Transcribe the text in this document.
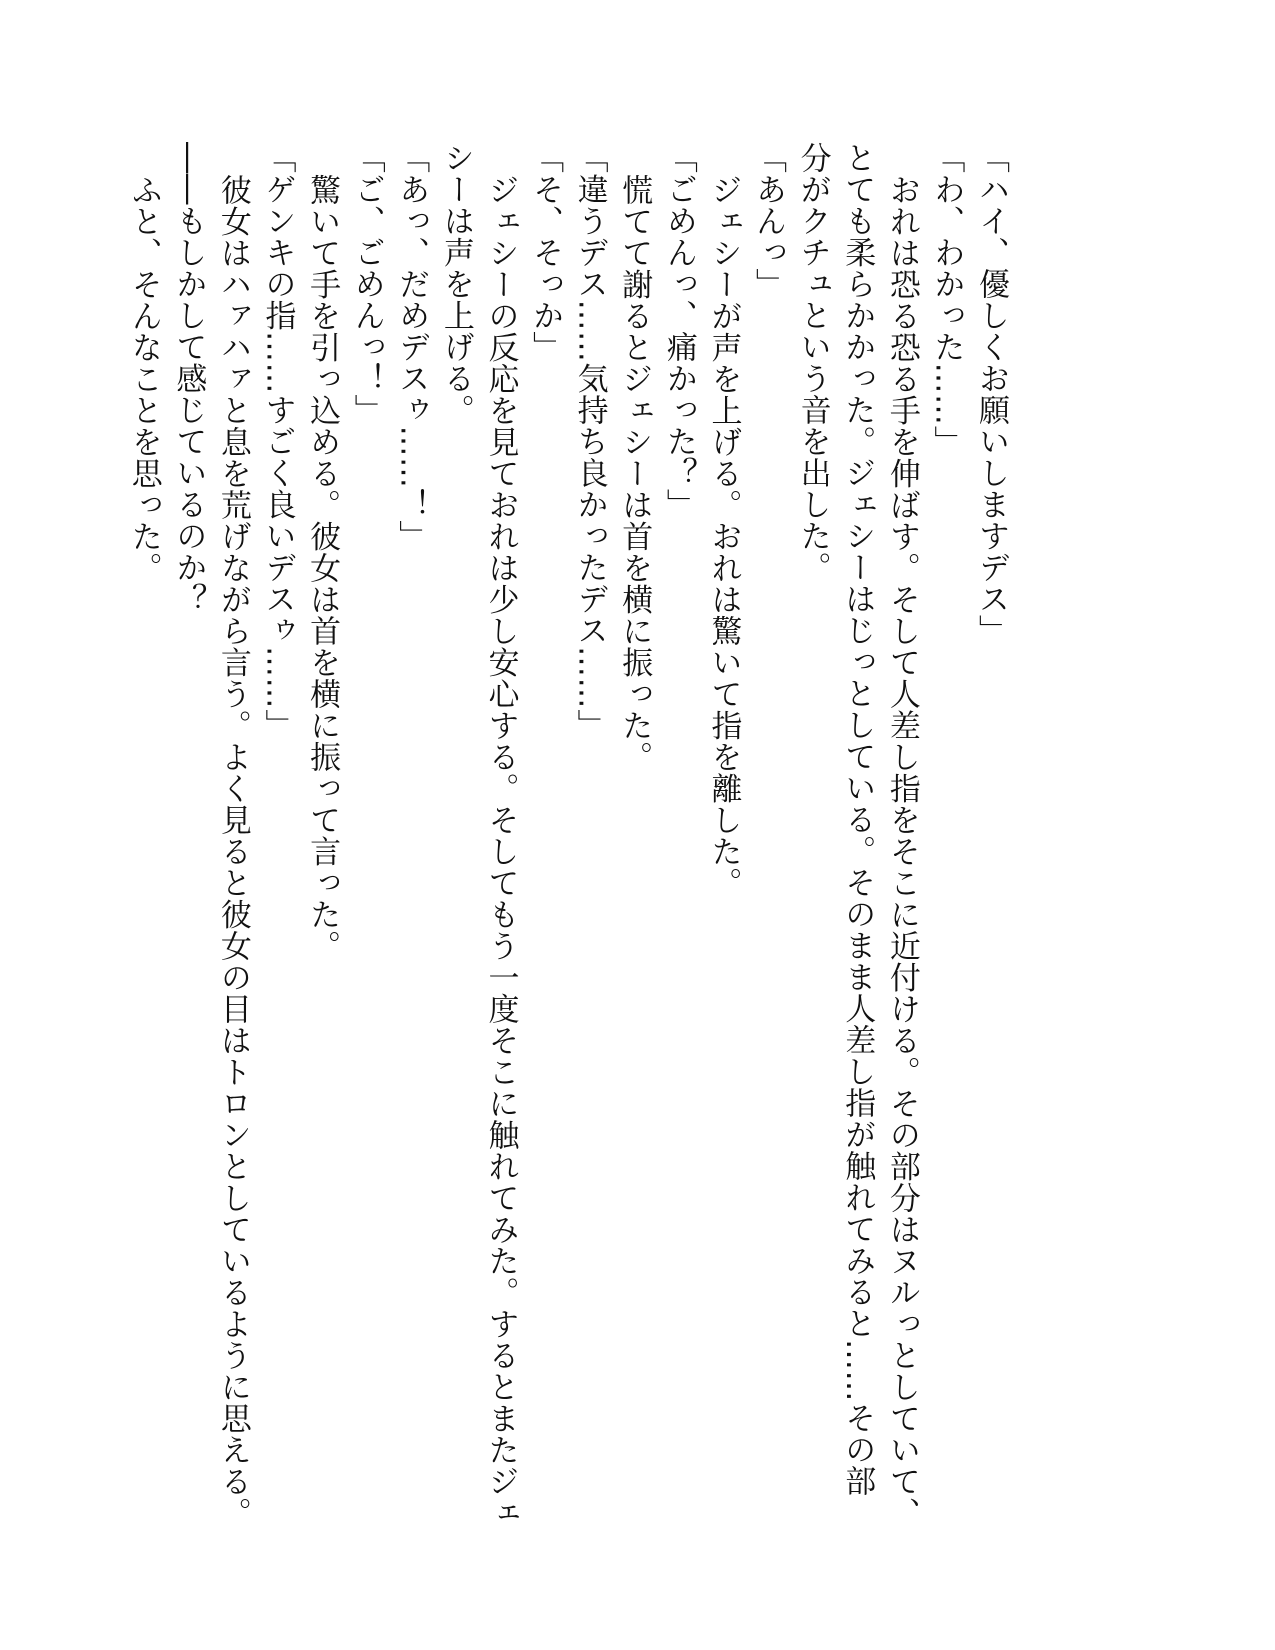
「ハイ、優しくお願いしますデス」
「わ、わかった……」
おれは恐る恐る手を伸ばす。そして人差し指をそこに近付ける。その部分はヌルっとしていて、
とても柔らかかった。ジェシーはじっとしている。そのまま人差し指が触れてみると……その部
分がクチュという音を出した。
「あんっ」
ジェシーが声を上げる。おれは驚いて指を離した。
「ごめんっ、痛かった？」
慌てて謝るとジェシーは首を横に振った。
「違うデス……気持ち良かったデス……」
「そ、そっか」
ジェシーの反応を見ておれは少し安心する。そしてもう一度そこに触れてみた。するとまたジェ
シーは声を上げる。
「あっ、だめデスゥ……！」
「ご、ごめんっ！」
驚いて手を引っ込める。彼女は首を横に振って言った。
「ゲンキの指……すごく良いデスゥ……」
彼女はハァハァと息を荒げながら言う。よく見ると彼女の目はトロンとしているように思える。
――もしかして感じているのか？
ふと、そんなことを思った。
